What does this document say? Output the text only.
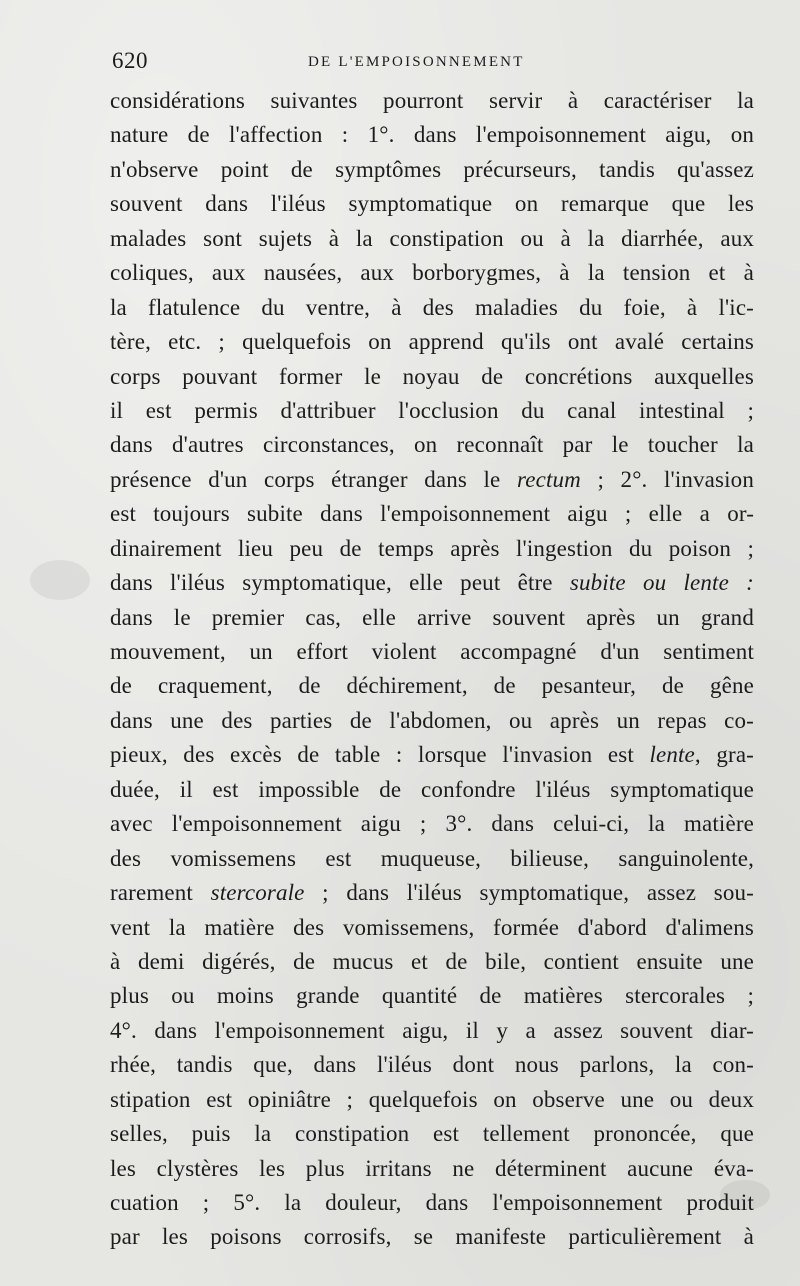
620	DE L'EMPOISONNEMENT
considérations suivantes pourront servir à caractériser la
nature de l'affection : 1°. dans l'empoisonnement aigu, on
n'observe point de symptômes précurseurs, tandis qu'assez
souvent dans l'iléus symptomatique on remarque que les
malades sont sujets à la constipation ou à la diarrhée, aux
coliques, aux nausées, aux borborygmes, à la tension et à
la flatulence du ventre, à des maladies du foie, à l'ic-
tère, etc. ; quelquefois on apprend qu'ils ont avalé certains
corps pouvant former le noyau de concrétions auxquelles
il est permis d'attribuer l'occlusion du canal intestinal ;
dans d'autres circonstances, on reconnaît par le toucher la
présence d'un corps étranger dans le rectum ; 2°. l'invasion
est toujours subite dans l'empoisonnement aigu ; elle a or-
dinairement lieu peu de temps après l'ingestion du poison ;
dans l'iléus symptomatique, elle peut être subite ou lente :
dans le premier cas, elle arrive souvent après un grand
mouvement, un effort violent accompagné d'un sentiment
de craquement, de déchirement, de pesanteur, de gêne
dans une des parties de l'abdomen, ou après un repas co-
pieux, des excès de table : lorsque l'invasion est lente, gra-
duée, il est impossible de confondre l'iléus symptomatique
avec l'empoisonnement aigu ; 3°. dans celui-ci, la matière
des vomissemens est muqueuse, bilieuse, sanguinolente,
rarement stercorale ; dans l'iléus symptomatique, assez sou-
vent la matière des vomissemens, formée d'abord d'alimens
à demi digérés, de mucus et de bile, contient ensuite une
plus ou moins grande quantité de matières stercorales ;
4°. dans l'empoisonnement aigu, il y a assez souvent diar-
rhée, tandis que, dans l'iléus dont nous parlons, la con-
stipation est opiniâtre ; quelquefois on observe une ou deux
selles, puis la constipation est tellement prononcée, que
les clystères les plus irritans ne déterminent aucune éva-
cuation ; 5°. la douleur, dans l'empoisonnement produit
par les poisons corrosifs, se manifeste particulièrement à
